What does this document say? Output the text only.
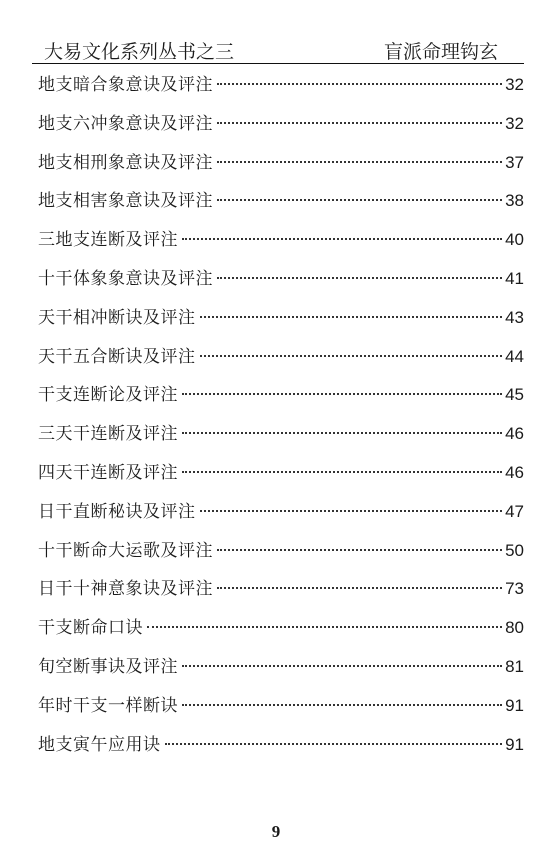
大易文化系列丛书之三	盲派命理钩玄
地支暗合象意诀及评注	32
地支六冲象意诀及评注	32
地支相刑象意诀及评注	37
地支相害象意诀及评注	38
三地支连断及评注	40
十干体象象意诀及评注	41
天干相冲断诀及评注	43
天干五合断诀及评注	44
干支连断论及评注	45
三天干连断及评注	46
四天干连断及评注	46
日干直断秘诀及评注	47
十干断命大运歌及评注	50
日干十神意象诀及评注	73
干支断命口诀	80
旬空断事诀及评注	81
年时干支一样断诀	91
地支寅午应用诀	91
9
